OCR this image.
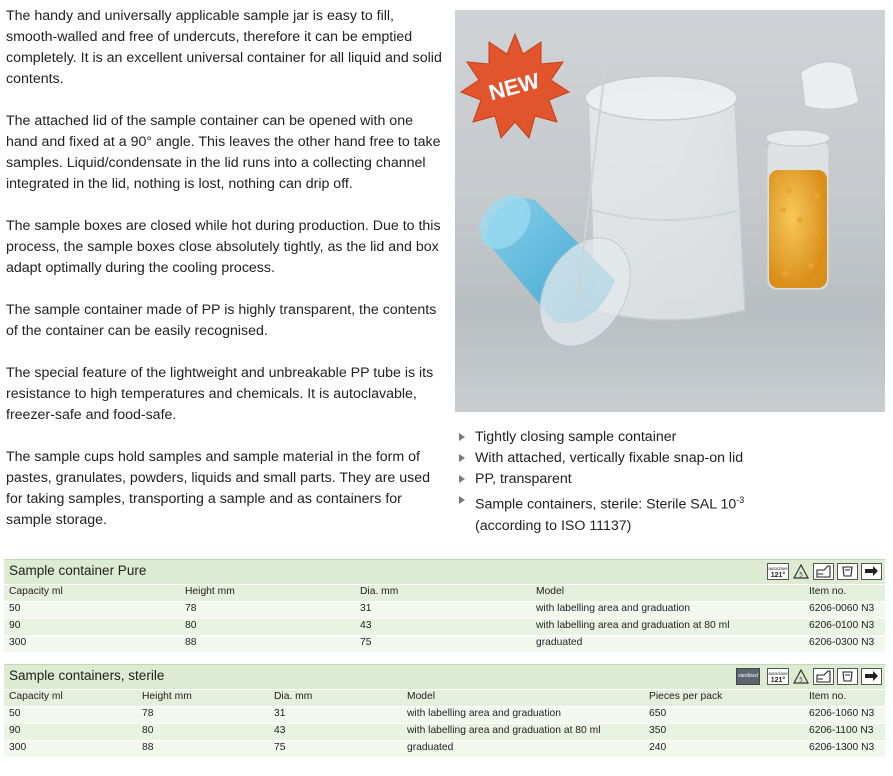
The handy and universally applicable sample jar is easy to fill, smooth-walled and free of undercuts, therefore it can be emptied completely. It is an excellent universal container for all liquid and solid contents.

The attached lid of the sample container can be opened with one hand and fixed at a 90° angle. This leaves the other hand free to take samples. Liquid/condensate in the lid runs into a collecting channel integrated in the lid, nothing is lost, nothing can drip off.

The sample boxes are closed while hot during production. Due to this process, the sample boxes close absolutely tightly, as the lid and box adapt optimally during the cooling process.

The sample container made of PP is highly transparent, the contents of the container can be easily recognised.

The special feature of the lightweight and unbreakable PP tube is its resistance to high temperatures and chemicals. It is autoclavable, freezer-safe and food-safe.

The sample cups hold samples and sample material in the form of pastes, granulates, powders, liquids and small parts. They are used for taking samples, transporting a sample and as containers for sample storage.

NEW
Tightly closing sample container
With attached, vertically fixable snap-on lid
PP, transparent
Sample containers, sterile: Sterile SAL $10^{-3}$
(according to ISO 11137)
Sample container Pure	autoclave
121°	5
Capacity ml	Height mm	Dia. mm	Model	Item no.
50	78	31	with labelling area and graduation	6206-0060 N3
90	80	43	with labelling area and graduation at 80 ml	6206-0100 N3
300	88	75	graduated	6206-0300 N3
Sample containers, sterile	sterilized autoclave
121°	5
Capacity ml	Height mm	Dia. mm	Model	Pieces per pack	Item no.
50	78	31	with labelling area and graduation	650	6206-1060 N3
90	80	43	with labelling area and graduation at 80 ml	350	6206-1100 N3
300	88	75	graduated	240	6206-1300 N3
